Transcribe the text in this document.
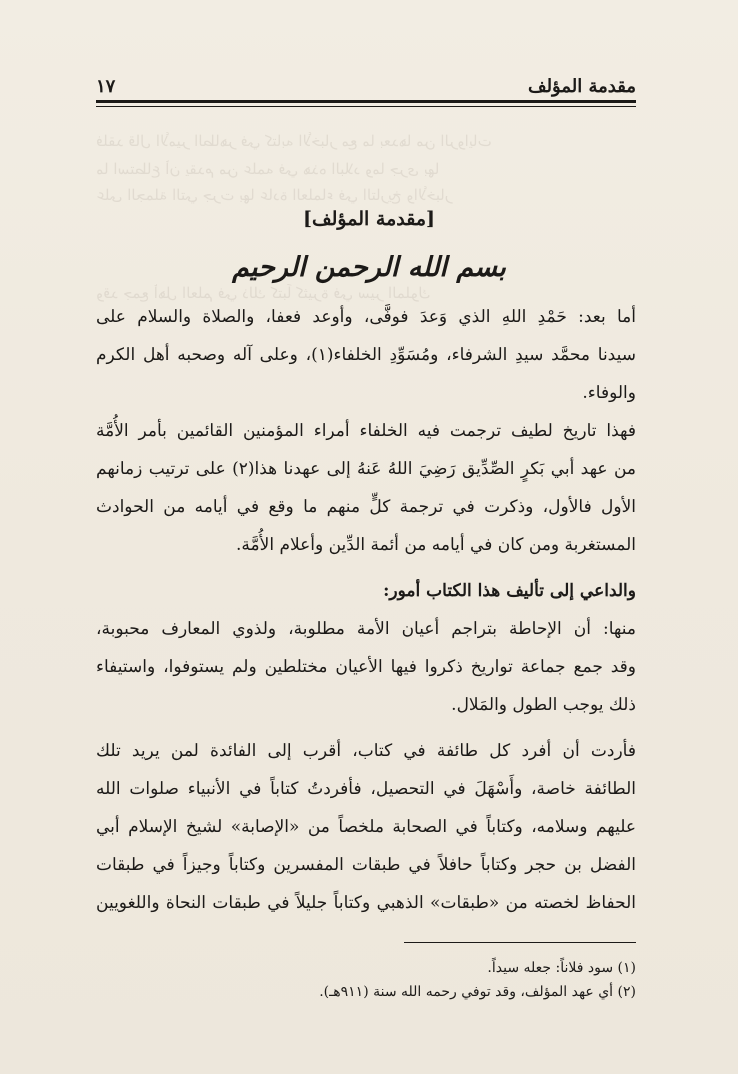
فلقد قال الأمير الطاهر في كتابه الأخبار مع ما بعدها من الروايات
ما استطاع أن يقدم من علمه في هذه البلاد وما جرى بها
على الجملة التي جرت بها عادة العلماء في التاريخ والأخبار
وقد جمع أهل العلم في ذلك كتباً كثيرة في سير الملوك
مقدمة المؤلف
١٧
[مقدمة المؤلف]
بسم الله الرحمن الرحيم
أما بعد: حَمْدِ اللهِ الذي وَعدَ فوفَّى، وأوعد فعفا، والصلاة والسلام على
سيدنا محمَّد سيدِ الشرفاء، ومُسَوِّدِ الخلفاء(١)، وعلى آله وصحبه أهل الكرم
والوفاء.
فهذا تاريخ لطيف ترجمت فيه الخلفاء أمراء المؤمنين القائمين بأمر الأُمَّة
من عهد أبي بَكرٍ الصِّدِّيق رَضِيَ اللهُ عَنهُ إلى عهدنا هذا(٢) على ترتيب زمانهم
الأول فالأول، وذكرت في ترجمة كلٍّ منهم ما وقع في أيامه من الحوادث
المستغربة ومن كان في أيامه من أئمة الدِّين وأعلام الأُمَّة.
والداعي إلى تأليف هذا الكتاب أمور:
منها: أن الإحاطة بتراجم أعيان الأمة مطلوبة، ولذوي المعارف محبوبة،
وقد جمع جماعة تواريخ ذكروا فيها الأعيان مختلطين ولم يستوفوا، واستيفاء
ذلك يوجب الطول والمَلال.
فأردت أن أفرد كل طائفة في كتاب، أقرب إلى الفائدة لمن يريد تلك
الطائفة خاصة، وأَسْهَلَ في التحصيل، فأفردتُ كتاباً في الأنبياء صلوات الله
عليهم وسلامه، وكتاباً في الصحابة ملخصاً من «الإصابة» لشيخ الإسلام أبي
الفضل بن حجر وكتاباً حافلاً في طبقات المفسرين وكتاباً وجيزاً في طبقات
الحفاظ لخصته من «طبقات» الذهبي وكتاباً جليلاً في طبقات النحاة واللغويين
(١) سود فلاناً: جعله سيداً.
(٢) أي عهد المؤلف، وقد توفي رحمه الله سنة (٩١١هـ).
